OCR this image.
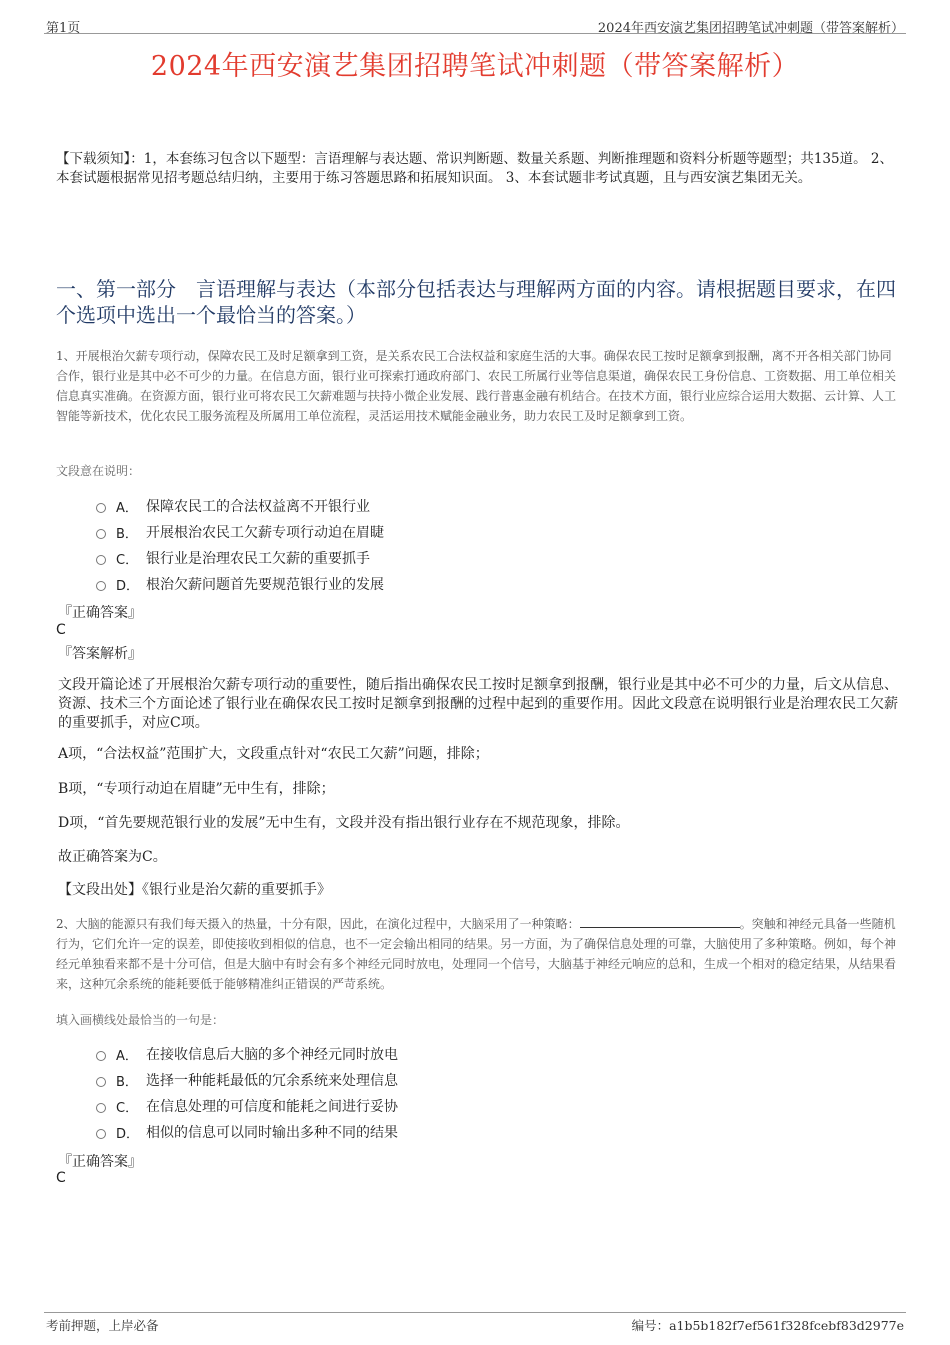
第1页	2024年西安演艺集团招聘笔试冲刺题（带答案解析）
2024年西安演艺集团招聘笔试冲刺题（带答案解析）
【下载须知】：1，本套练习包含以下题型：言语理解与表达题、常识判断题、数量关系题、判断推理题和资料分析题等题型；共135道。 2、本套试题根据常见招考题总结归纳，主要用于练习答题思路和拓展知识面。 3、本套试题非考试真题，且与西安演艺集团无关。
一、第一部分　言语理解与表达（本部分包括表达与理解两方面的内容。请根据题目要求，在四个选项中选出一个最恰当的答案。）
1、开展根治欠薪专项行动，保障农民工及时足额拿到工资，是关系农民工合法权益和家庭生活的大事。确保农民工按时足额拿到报酬，离不开各相关部门协同合作，银行业是其中必不可少的力量。在信息方面，银行业可探索打通政府部门、农民工所属行业等信息渠道，确保农民工身份信息、工资数据、用工单位相关信息真实准确。在资源方面，银行业可将农民工欠薪难题与扶持小微企业发展、践行普惠金融有机结合。在技术方面，银行业应综合运用大数据、云计算、人工智能等新技术，优化农民工服务流程及所属用工单位流程，灵活运用技术赋能金融业务，助力农民工及时足额拿到工资。
文段意在说明：
A． 保障农民工的合法权益离不开银行业
B． 开展根治农民工欠薪专项行动迫在眉睫
C． 银行业是治理农民工欠薪的重要抓手
D． 根治欠薪问题首先要规范银行业的发展
『正确答案』
C
『答案解析』
文段开篇论述了开展根治欠薪专项行动的重要性，随后指出确保农民工按时足额拿到报酬，银行业是其中必不可少的力量，后文从信息、资源、技术三个方面论述了银行业在确保农民工按时足额拿到报酬的过程中起到的重要作用。因此文段意在说明银行业是治理农民工欠薪的重要抓手，对应C项。
A项，“合法权益”范围扩大，文段重点针对“农民工欠薪”问题，排除；
B项，“专项行动迫在眉睫”无中生有，排除；
D项，“首先要规范银行业的发展”无中生有，文段并没有指出银行业存在不规范现象，排除。
故正确答案为C。
【文段出处】《银行业是治欠薪的重要抓手》
2、大脑的能源只有我们每天摄入的热量，十分有限，因此，在演化过程中，大脑采用了一种策略：	。突触和神经元具备一些随机行为，它们允许一定的误差，即使接收到相似的信息，也不一定会输出相同的结果。另一方面，为了确保信息处理的可靠，大脑使用了多种策略。例如，每个神经元单独看来都不是十分可信，但是大脑中有时会有多个神经元同时放电，处理同一个信号，大脑基于神经元响应的总和，生成一个相对的稳定结果，从结果看来，这种冗余系统的能耗要低于能够精准纠正错误的严苛系统。
填入画横线处最恰当的一句是：
A． 在接收信息后大脑的多个神经元同时放电
B． 选择一种能耗最低的冗余系统来处理信息
C． 在信息处理的可信度和能耗之间进行妥协
D． 相似的信息可以同时输出多种不同的结果
『正确答案』
C
考前押题，上岸必备	编号：a1b5b182f7ef561f328fcebf83d2977e
